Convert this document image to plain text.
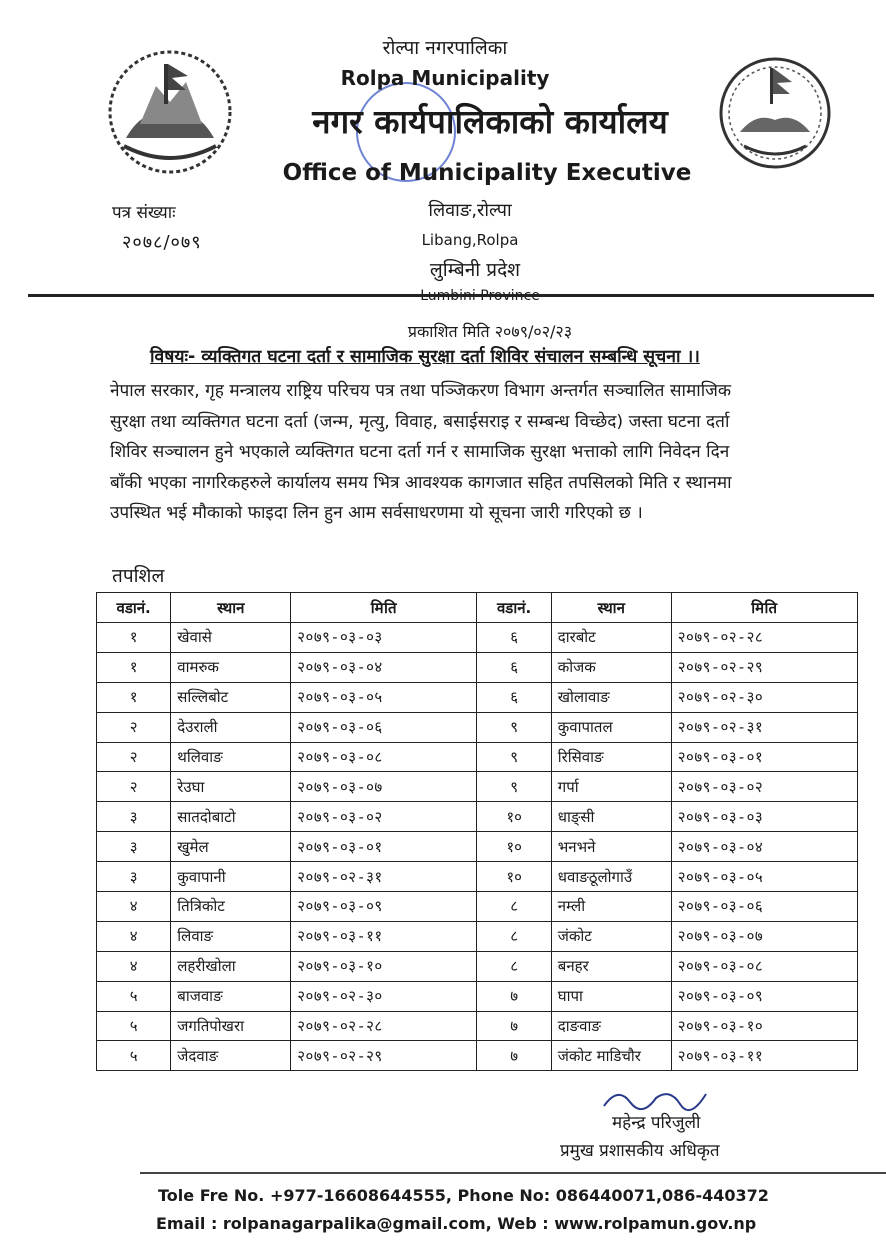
रोल्पा नगरपालिका
Rolpa Municipality
नगर कार्यपालिकाको कार्यालय
Office of Municipality Executive
लिवाङ,रोल्पा
Libang,Rolpa
लुम्बिनी प्रदेश
Lumbini Province
पत्र संख्याः
२०७८/०७९
प्रकाशित मिति २०७९/०२/२३
विषयः- व्यक्तिगत घटना दर्ता र सामाजिक सुरक्षा दर्ता शिविर संचालन सम्बन्धि सूचना ।।
नेपाल सरकार, गृह मन्त्रालय राष्ट्रिय परिचय पत्र तथा पञ्जिकरण विभाग अन्तर्गत सञ्चालित सामाजिक
सुरक्षा तथा व्यक्तिगत घटना दर्ता (जन्म, मृत्यु, विवाह, बसाईसराइ र सम्बन्ध विच्छेद) जस्ता घटना दर्ता
शिविर सञ्चालन हुने भएकाले व्यक्तिगत घटना दर्ता गर्न र सामाजिक सुरक्षा भत्ताको लागि निवेदन दिन
बाँकी भएका नागरिकहरुले कार्यालय समय भित्र आवश्यक कागजात सहित तपसिलको मिति र स्थानमा
उपस्थित भई मौकाको फाइदा लिन हुन आम सर्वसाधरणमा यो सूचना जारी गरिएको छ ।
तपशिल
वडानं.	स्थान	मिति	वडानं.	स्थान	मिति
१	खेवासे	२०७९-०३-०३	६	दारबोट	२०७९-०२-२८
१	वामरुक	२०७९-०३-०४	६	कोजक	२०७९-०२-२९
१	सल्लिबोट	२०७९-०३-०५	६	खोलावाङ	२०७९-०२-३०
२	देउराली	२०७९-०३-०६	९	कुवापातल	२०७९-०२-३१
२	थलिवाङ	२०७९-०३-०८	९	रिसिवाङ	२०७९-०३-०१
२	रेउघा	२०७९-०३-०७	९	गर्पा	२०७९-०३-०२
३	सातदोबाटो	२०७९-०३-०२	१०	धाङ्सी	२०७९-०३-०३
३	खुमेल	२०७९-०३-०१	१०	भनभने	२०७९-०३-०४
३	कुवापानी	२०७९-०२-३१	१०	धवाङठूलोगाउँ	२०७९-०३-०५
४	तित्रिकोट	२०७९-०३-०९	८	नम्ली	२०७९-०३-०६
४	लिवाङ	२०७९-०३-११	८	जंकोट	२०७९-०३-०७
४	लहरीखोला	२०७९-०३-१०	८	बनहर	२०७९-०३-०८
५	बाजवाङ	२०७९-०२-३०	७	घापा	२०७९-०३-०९
५	जगतिपोखरा	२०७९-०२-२८	७	दाङवाङ	२०७९-०३-१०
५	जेदवाङ	२०७९-०२-२९	७	जंकोट माडिचौर	२०७९-०३-११
महेन्द्र परिजुली
प्रमुख प्रशासकीय अधिकृत
Tole Fre No. +977-16608644555, Phone No: 086440071,086-440372
Email : rolpanagarpalika@gmail.com, Web : www.rolpamun.gov.np
